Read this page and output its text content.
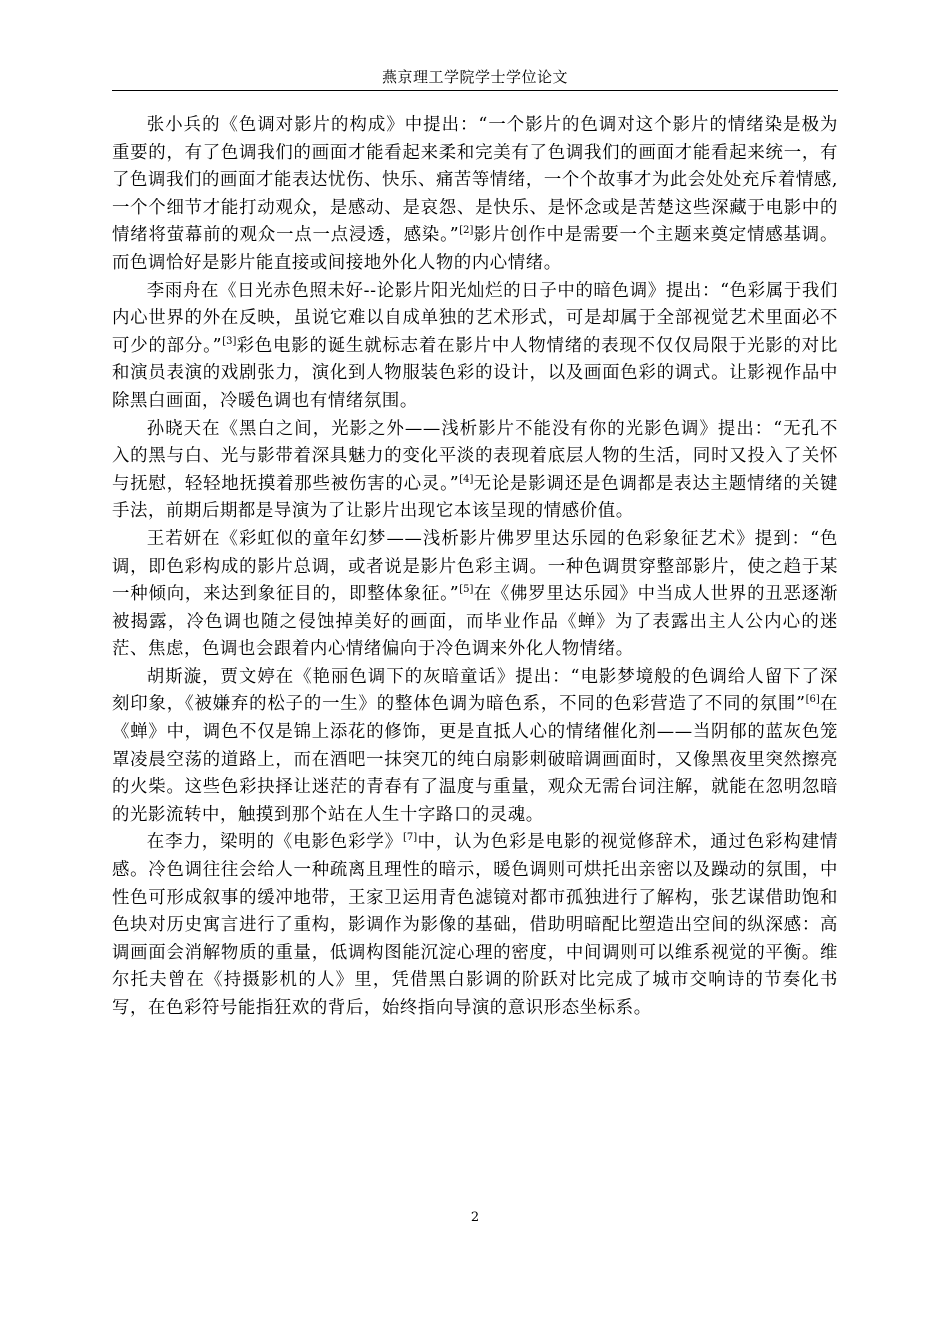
燕京理工学院学士学位论文

张小兵的《色调对影片的构成》中提出：“一个影片的色调对这个影片的情绪染是极为重要的，有了色调我们的画面才能看起来柔和完美有了色调我们的画面才能看起来统一，有了色调我们的画面才能表达忧伤、快乐、痛苦等情绪，一个个故事才为此会处处充斥着情感,一个个细节才能打动观众，是感动、是哀怨、是快乐、是怀念或是苦楚这些深藏于电影中的情绪将萤幕前的观众一点一点浸透，感染。”[2]影片创作中是需要一个主题来奠定情感基调。而色调恰好是影片能直接或间接地外化人物的内心情绪。

李雨舟在《日光赤色照未好--论影片阳光灿烂的日子中的暗色调》提出：“色彩属于我们内心世界的外在反映，虽说它难以自成单独的艺术形式，可是却属于全部视觉艺术里面必不可少的部分。”[3]彩色电影的诞生就标志着在影片中人物情绪的表现不仅仅局限于光影的对比和演员表演的戏剧张力，演化到人物服装色彩的设计，以及画面色彩的调式。让影视作品中除黑白画面，冷暖色调也有情绪氛围。

孙晓天在《黑白之间，光影之外——浅析影片不能没有你的光影色调》提出：“无孔不入的黑与白、光与影带着深具魅力的变化平淡的表现着底层人物的生活，同时又投入了关怀与抚慰，轻轻地抚摸着那些被伤害的心灵。”[4]无论是影调还是色调都是表达主题情绪的关键手法，前期后期都是导演为了让影片出现它本该呈现的情感价值。

王若妍在《彩虹似的童年幻梦——浅析影片佛罗里达乐园的色彩象征艺术》提到：“色调，即色彩构成的影片总调，或者说是影片色彩主调。一种色调贯穿整部影片，使之趋于某一种倾向，来达到象征目的，即整体象征。”[5]在《佛罗里达乐园》中当成人世界的丑恶逐渐被揭露，冷色调也随之侵蚀掉美好的画面，而毕业作品《蝉》为了表露出主人公内心的迷茫、焦虑，色调也会跟着内心情绪偏向于冷色调来外化人物情绪。

胡斯漩，贾文婷在《艳丽色调下的灰暗童话》提出：“电影梦境般的色调给人留下了深刻印象，《被嫌弃的松子的一生》的整体色调为暗色系，不同的色彩营造了不同的氛围”[6]在《蝉》中，调色不仅是锦上添花的修饰，更是直抵人心的情绪催化剂——当阴郁的蓝灰色笼罩凌晨空荡的道路上，而在酒吧一抹突兀的纯白扇影刺破暗调画面时，又像黑夜里突然擦亮的火柴。这些色彩抉择让迷茫的青春有了温度与重量，观众无需台词注解，就能在忽明忽暗的光影流转中，触摸到那个站在人生十字路口的灵魂。

在李力，梁明的《电影色彩学》[7]中，认为色彩是电影的视觉修辞术，通过色彩构建情感。冷色调往往会给人一种疏离且理性的暗示，暖色调则可烘托出亲密以及躁动的氛围，中性色可形成叙事的缓冲地带，王家卫运用青色滤镜对都市孤独进行了解构，张艺谋借助饱和色块对历史寓言进行了重构，影调作为影像的基础，借助明暗配比塑造出空间的纵深感：高调画面会消解物质的重量，低调构图能沉淀心理的密度，中间调则可以维系视觉的平衡。维尔托夫曾在《持摄影机的人》里，凭借黑白影调的阶跃对比完成了城市交响诗的节奏化书写，在色彩符号能指狂欢的背后，始终指向导演的意识形态坐标系。

2
